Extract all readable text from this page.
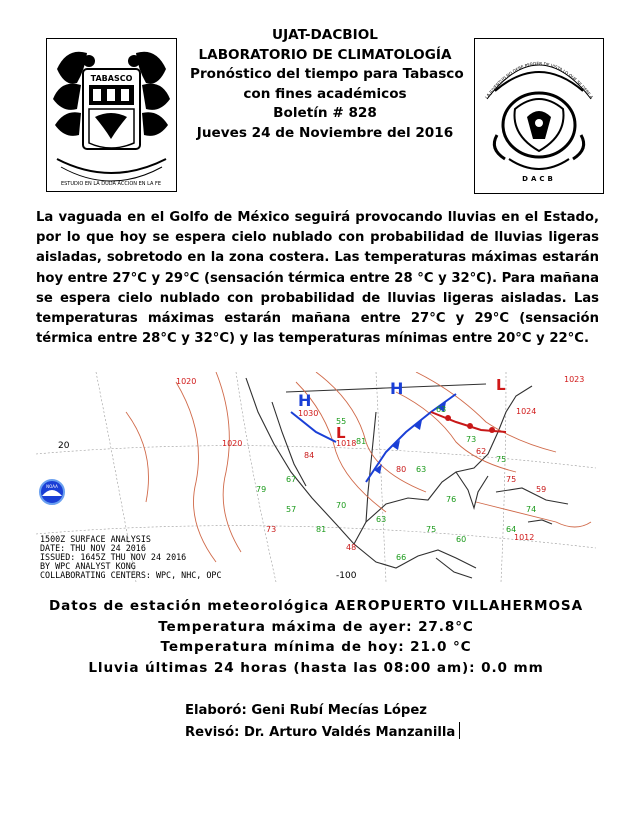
TABASCO
ESTUDIO EN LA DUDA ACCION EN LA FE
UJAT-DACBIOL
LABORATORIO DE CLIMATOLOGÍA
Pronóstico del tiempo para Tabasco
con fines académicos
Boletín # 828
Jueves 24 de Noviembre del 2016
LA JUVENTUD NO DEBE PERDER DE VISTA LO QUE SE DEBE A
DACB
La vaguada en el Golfo de México seguirá provocando lluvias en el Estado, por lo que hoy se espera cielo nublado con probabilidad de lluvias ligeras aisladas, sobretodo en la zona costera. Las temperaturas máximas estarán hoy entre 27°C y 29°C (sensación térmica entre 28 °C y 32°C). Para mañana se espera cielo nublado con probabilidad de lluvias ligeras aisladas. Las temperaturas máximas estarán mañana entre 27°C y 29°C (sensación térmica entre 28°C y 32°C) y las temperaturas mínimas entre 20°C y 22°C.
H
H
L
L
1020
1024
1020
1030
1023
1012
1018
20
-100
84
81
63
73
80
57
79
55
48
63
81
67
62
75
63
76
75
74
66
70
73	75	64
60
59
NOAA
1500Z SURFACE ANALYSIS
DATE: THU NOV 24 2016
ISSUED: 1645Z THU NOV 24 2016
BY WPC ANALYST KONG
COLLABORATING CENTERS: WPC, NHC, OPC
Datos de estación meteorológica AEROPUERTO VILLAHERMOSA
Temperatura máxima de ayer: 27.8°C
Temperatura mínima de hoy: 21.0 °C
Lluvia últimas 24 horas (hasta las 08:00 am): 0.0 mm
Elaboró: Geni Rubí Mecías López
Revisó: Dr. Arturo Valdés Manzanilla
